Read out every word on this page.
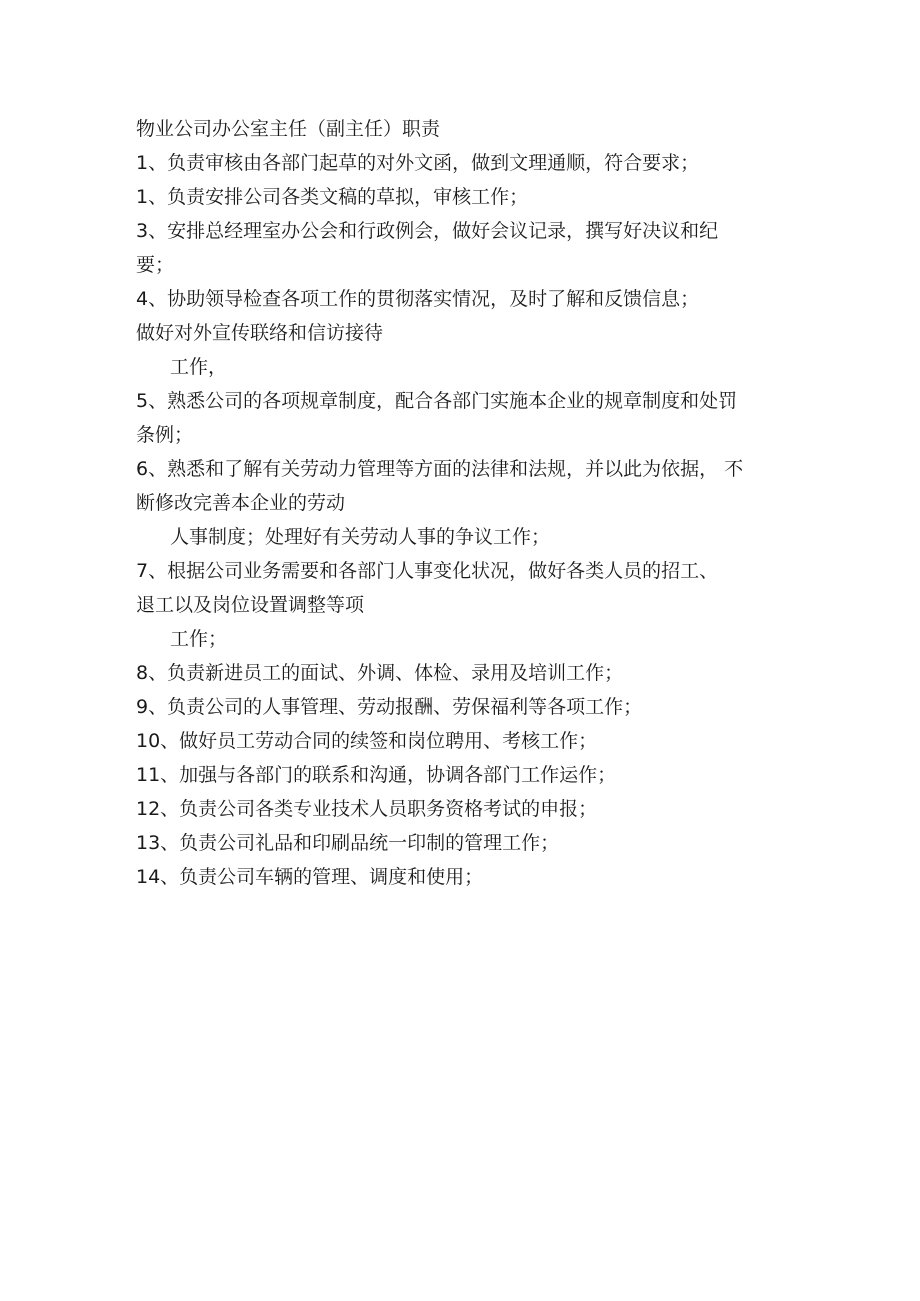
物业公司办公室主任（副主任）职责
1、负责审核由各部门起草的对外文函，做到文理通顺，符合要求；
1、负责安排公司各类文稿的草拟，审核工作；
3、安排总经理室办公会和行政例会，做好会议记录，撰写好决议和纪
要；
4、协助领导检查各项工作的贯彻落实情况，及时了解和反馈信息；
做好对外宣传联络和信访接待
工作，
5、熟悉公司的各项规章制度，配合各部门实施本企业的规章制度和处罚
条例；
6、熟悉和了解有关劳动力管理等方面的法律和法规，并以此为依据， 不
断修改完善本企业的劳动
人事制度；处理好有关劳动人事的争议工作；
7、根据公司业务需要和各部门人事变化状况，做好各类人员的招工、
退工以及岗位设置调整等项
工作；
8、负责新进员工的面试、外调、体检、录用及培训工作；
9、负责公司的人事管理、劳动报酬、劳保福利等各项工作；
10、做好员工劳动合同的续签和岗位聘用、考核工作；
11、加强与各部门的联系和沟通，协调各部门工作运作；
12、负责公司各类专业技术人员职务资格考试的申报；
13、负责公司礼品和印刷品统一印制的管理工作；
14、负责公司车辆的管理、调度和使用；
